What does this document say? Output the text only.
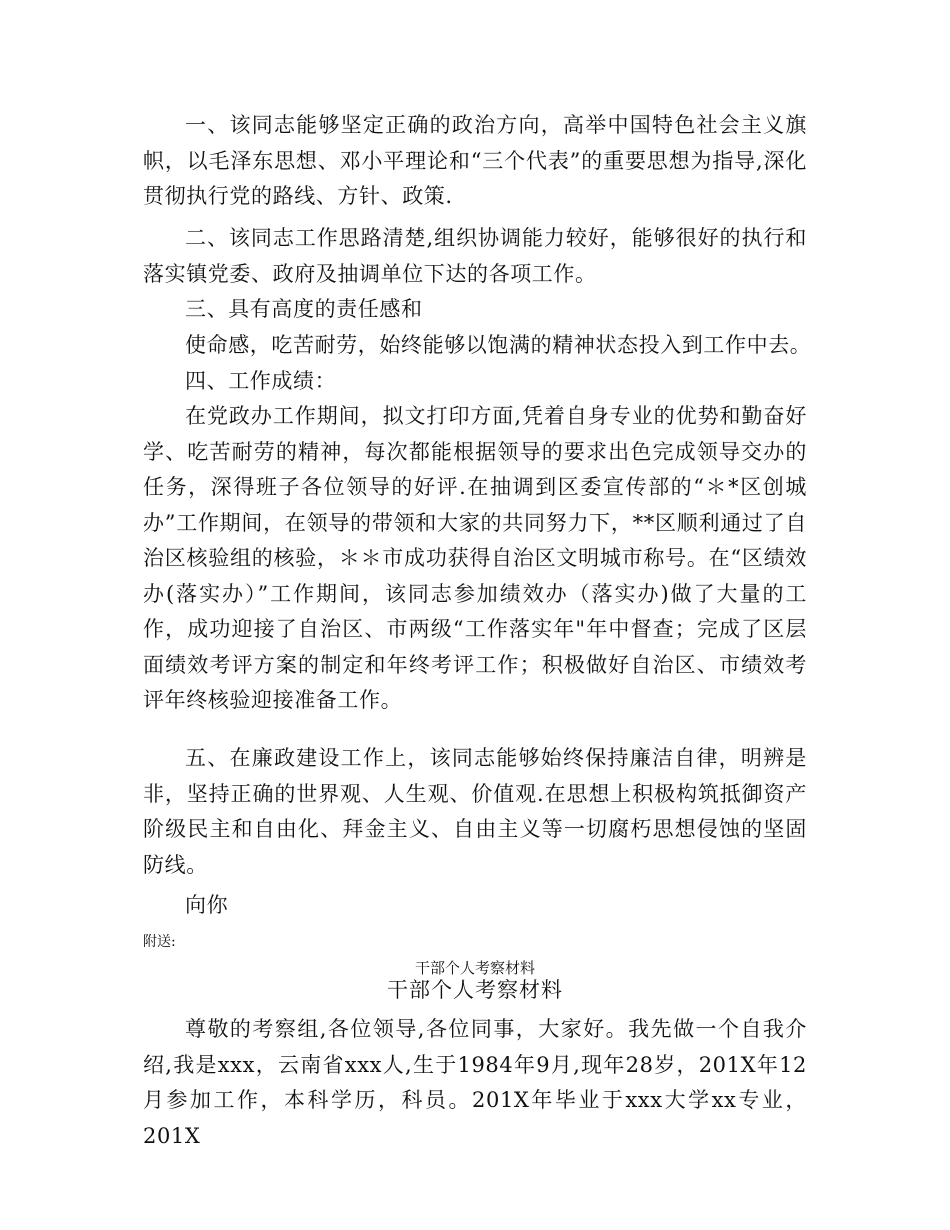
一、该同志能够坚定正确的政治方向，高举中国特色社会主义旗帜，以毛泽东思想、邓小平理论和“三个代表”的重要思想为指导,深化贯彻执行党的路线、方针、政策.

二、该同志工作思路清楚,组织协调能力较好，能够很好的执行和落实镇党委、政府及抽调单位下达的各项工作。

三、具有高度的责任感和

使命感，吃苦耐劳，始终能够以饱满的精神状态投入到工作中去。

四、工作成绩：

在党政办工作期间，拟文打印方面,凭着自身专业的优势和勤奋好学、吃苦耐劳的精神，每次都能根据领导的要求出色完成领导交办的任务，深得班子各位领导的好评.在抽调到区委宣传部的“＊*区创城办”工作期间，在领导的带领和大家的共同努力下，**区顺利通过了自治区核验组的核验，＊＊市成功获得自治区文明城市称号。在“区绩效办(落实办）”工作期间，该同志参加绩效办（落实办)做了大量的工作，成功迎接了自治区、市两级“工作落实年"年中督查；完成了区层面绩效考评方案的制定和年终考评工作；积极做好自治区、市绩效考评年终核验迎接准备工作。

五、在廉政建设工作上，该同志能够始终保持廉洁自律，明辨是非，坚持正确的世界观、人生观、价值观.在思想上积极构筑抵御资产阶级民主和自由化、拜金主义、自由主义等一切腐朽思想侵蚀的坚固防线。

向你

附送:
干部个人考察材料
干部个人考察材料

尊敬的考察组,各位领导,各位同事，大家好。我先做一个自我介绍,我是xxx，云南省xxx人,生于1984年9月,现年28岁，201X年12月参加工作，本科学历，科员。201X年毕业于xxx大学xx专业，201X
